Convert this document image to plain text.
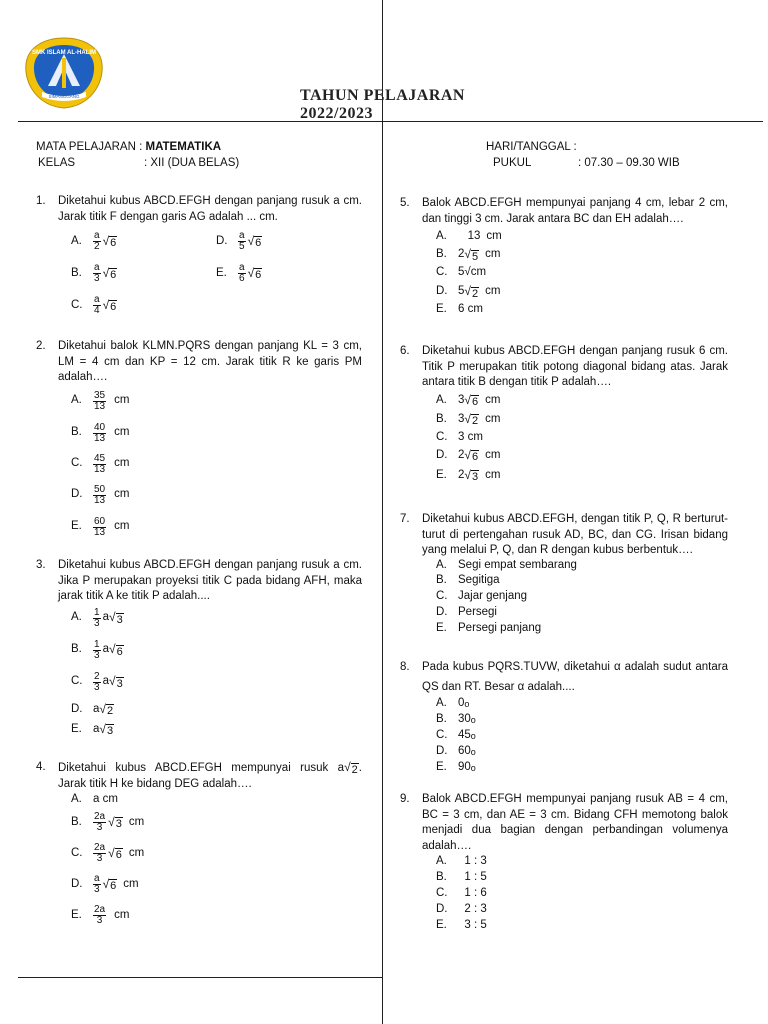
SMK ISLAM AL-HALIM
SIMANGGANG	TAHUN PELAJARAN 2022/2023
MATA PELAJARAN : MATEMATIKA
KELAS	: XII (DUA BELAS)
HARI/TANGGAL :
PUKUL	: 07.30 – 09.30 WIB
1.	Diketahui kubus ABCD.EFGH dengan panjang rusuk a cm. Jarak titik F dengan garis AG adalah ... cm.
A.	$\frac{a}{2}$ √ 6	D.	$\frac{a}{5}$ √ 6
B.	$\frac{a}{3}$ √ 6	E.	$\frac{a}{6}$ √ 6
C.	$\frac{a}{4}$ √ 6
2.	Diketahui balok KLMN.PQRS dengan panjang KL = 3 cm, LM = 4 cm dan KP = 12 cm. Jarak titik R ke garis PM adalah….
A.	$\frac{35}{13}$ cm
B.	$\frac{40}{13}$ cm
C.	$\frac{45}{13}$ cm
D.	$\frac{50}{13}$ cm
E.	$\frac{60}{13}$ cm
3.	Diketahui kubus ABCD.EFGH dengan panjang rusuk a cm. Jika P merupakan proyeksi titik C pada bidang AFH, maka jarak titik A ke titik P adalah....
A.	$\frac{1}{3}$ a √ 3
B.	$\frac{1}{3}$ a √ 6
C.	$\frac{2}{3}$ a √ 3
D. a √ 2
E. a √ 3
4.	Diketahui kubus ABCD.EFGH mempunyai rusuk a √ 2 . Jarak titik H ke bidang DEG adalah….
A. a cm
B.	$\frac{2a}{3}$ √ 3 cm
C.	$\frac{2a}{3}$ √ 6 cm
D.	$\frac{a}{3}$ √ 6 cm
E.	$\frac{2a}{3}$ cm
5.	Balok ABCD.EFGH mempunyai panjang 4 cm, lebar 2 cm, dan tinggi 3 cm. Jarak antara BC dan EH adalah….
A.
	13 cm
B. 2 √ 5 cm
C. 5√cm
D. 5 √ 2 cm
E. 6 cm
6.	Diketahui kubus ABCD.EFGH dengan panjang rusuk 6 cm. Titik P merupakan titik potong diagonal bidang atas. Jarak antara titik B dengan titik P adalah….
A. 3 √ 6 cm
B. 3 √ 2 cm
C. 3 cm
D. 2 √ 6 cm
E. 2 √ 3 cm
7.	Diketahui kubus ABCD.EFGH, dengan titik P, Q, R berturut-turut di pertengahan rusuk AD, BC, dan CG. Irisan bidang yang melalui P, Q, dan R dengan kubus berbentuk….
A. Segi empat sembarang
B. Segitiga
C. Jajar genjang
D. Persegi
E. Persegi panjang
8.	Pada kubus PQRS.TUVW, diketahui α adalah sudut antara QS dan RT. Besar α adalah....
A. 0 o
B. 30 o
C. 45 o
D. 60 o
E. 90 o
9.	Balok ABCD.EFGH mempunyai panjang rusuk AB = 4 cm, BC = 3 cm, dan AE = 3 cm. Bidang CFH memotong balok menjadi dua bagian dengan perbandingan volumenya adalah….
A.
	1 : 3
B.
	1 : 5
C.
	1 : 6
D.
	2 : 3
E.
	3 : 5
